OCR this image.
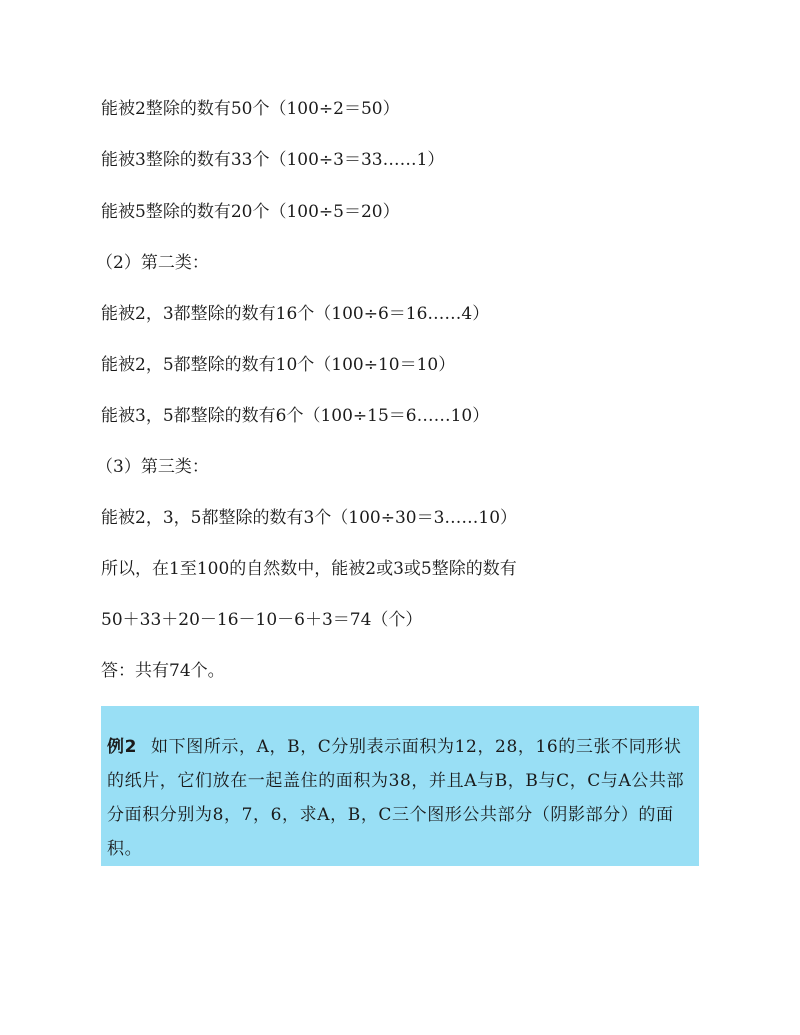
能被2整除的数有50个（100÷2＝50）
能被3整除的数有33个（100÷3＝33……1）
能被5整除的数有20个（100÷5＝20）
（2）第二类：
能被2，3都整除的数有16个（100÷6＝16……4）
能被2，5都整除的数有10个（100÷10＝10）
能被3，5都整除的数有6个（100÷15＝6……10）
（3）第三类：
能被2，3，5都整除的数有3个（100÷30＝3……10）
所以，在1至100的自然数中，能被2或3或5整除的数有
50＋33＋20－16－10－6＋3＝74（个）
答：共有74个。
例2 如下图所示，A，B，C分别表示面积为12，28，16的三张不同形状的纸片，它们放在一起盖住的面积为38，并且A与B，B与C，C与A公共部分面积分别为8，7，6，求A，B，C三个图形公共部分（阴影部分）的面积。
